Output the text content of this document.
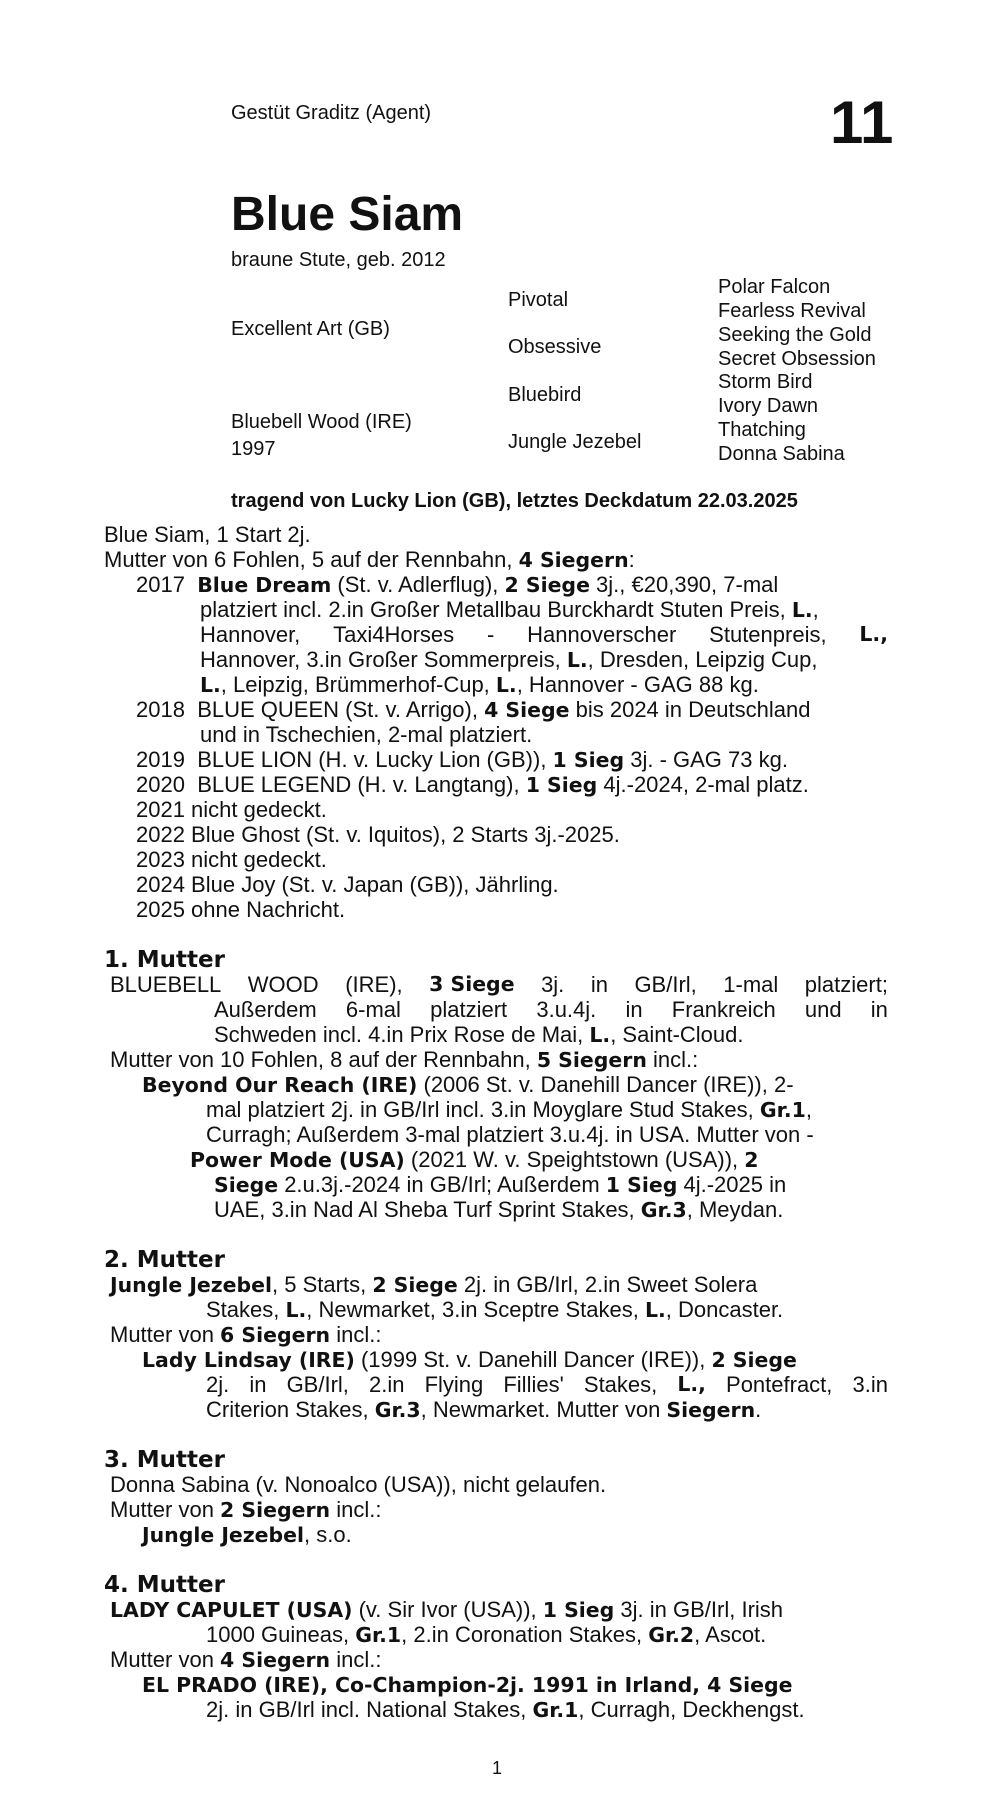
Gestüt Graditz (Agent)	11
Blue Siam
braune Stute, geb. 2012
Excellent Art (GB)
Bluebell Wood (IRE)
1997
Pivotal
Obsessive
Bluebird
Jungle Jezebel
Polar Falcon
Fearless Revival
Seeking the Gold
Secret Obsession
Storm Bird
Ivory Dawn
Thatching
Donna Sabina
tragend von Lucky Lion (GB), letztes Deckdatum 22.03.2025
Blue Siam, 1 Start 2j.
Mutter von 6 Fohlen, 5 auf der Rennbahn, 4 Siegern:
2017 Blue Dream (St. v. Adlerflug), 2 Siege 3j., €20,390, 7-mal
platziert incl. 2.in Großer Metallbau Burckhardt Stuten Preis, L.,
Hannover, Taxi4Horses - Hannoverscher Stutenpreis, L.,
Hannover, 3.in Großer Sommerpreis, L., Dresden, Leipzig Cup,
L., Leipzig, Brümmerhof-Cup, L., Hannover - GAG 88 kg.
2018 BLUE QUEEN (St. v. Arrigo), 4 Siege bis 2024 in Deutschland
und in Tschechien, 2-mal platziert.
2019 BLUE LION (H. v. Lucky Lion (GB)), 1 Sieg 3j. - GAG 73 kg.
2020 BLUE LEGEND (H. v. Langtang), 1 Sieg 4j.-2024, 2-mal platz.
2021 nicht gedeckt.
2022 Blue Ghost (St. v. Iquitos), 2 Starts 3j.-2025.
2023 nicht gedeckt.
2024 Blue Joy (St. v. Japan (GB)), Jährling.
2025 ohne Nachricht.
1. Mutter
BLUEBELL WOOD (IRE), 3 Siege 3j. in GB/Irl, 1-mal platziert;
Außerdem 6-mal platziert 3.u.4j. in Frankreich und in
Schweden incl. 4.in Prix Rose de Mai, L., Saint-Cloud.
Mutter von 10 Fohlen, 8 auf der Rennbahn, 5 Siegern incl.:
Beyond Our Reach (IRE) (2006 St. v. Danehill Dancer (IRE)), 2-
mal platziert 2j. in GB/Irl incl. 3.in Moyglare Stud Stakes, Gr.1,
Curragh; Außerdem 3-mal platziert 3.u.4j. in USA. Mutter von -
Power Mode (USA) (2021 W. v. Speightstown (USA)), 2
Siege 2.u.3j.-2024 in GB/Irl; Außerdem 1 Sieg 4j.-2025 in
UAE, 3.in Nad Al Sheba Turf Sprint Stakes, Gr.3, Meydan.
2. Mutter
Jungle Jezebel, 5 Starts, 2 Siege 2j. in GB/Irl, 2.in Sweet Solera
Stakes, L., Newmarket, 3.in Sceptre Stakes, L., Doncaster.
Mutter von 6 Siegern incl.:
Lady Lindsay (IRE) (1999 St. v. Danehill Dancer (IRE)), 2 Siege
2j. in GB/Irl, 2.in Flying Fillies' Stakes, L., Pontefract, 3.in
Criterion Stakes, Gr.3, Newmarket. Mutter von Siegern.
3. Mutter
Donna Sabina (v. Nonoalco (USA)), nicht gelaufen.
Mutter von 2 Siegern incl.:
Jungle Jezebel, s.o.
4. Mutter
LADY CAPULET (USA) (v. Sir Ivor (USA)), 1 Sieg 3j. in GB/Irl, Irish
1000 Guineas, Gr.1, 2.in Coronation Stakes, Gr.2, Ascot.
Mutter von 4 Siegern incl.:
EL PRADO (IRE), Co-Champion-2j. 1991 in Irland, 4 Siege
2j. in GB/Irl incl. National Stakes, Gr.1, Curragh, Deckhengst.
1
